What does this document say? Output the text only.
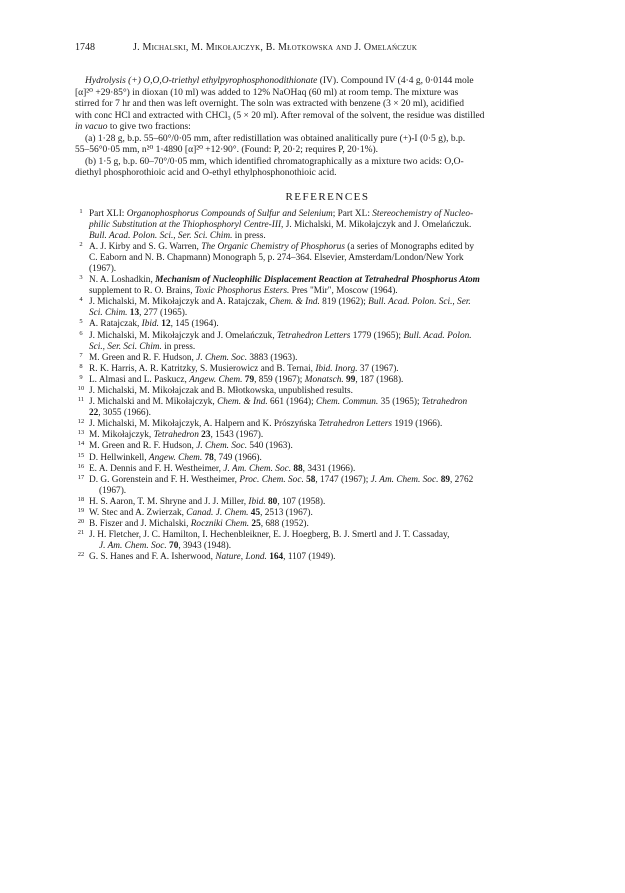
1748	J. Michalski, M. Mikołajczyk, B. Młotkowska and J. Omelańczuk

Hydrolysis (+) O,O,O-triethyl ethylpyrophosphonodithionate (IV). Compound IV (4·4 g, 0·0144 mole

[α]²⁰ +29·85°) in dioxan (10 ml) was added to 12% NaOHaq (60 ml) at room temp. The mixture was

stirred for 7 hr and then was left overnight. The soln was extracted with benzene (3 × 20 ml), acidified

with conc HCl and extracted with CHCl₃ (5 × 20 ml). After removal of the solvent, the residue was distilled

in vacuo to give two fractions:

(a) 1·28 g, b.p. 55–60°/0·05 mm, after redistillation was obtained analitically pure (+)-I (0·5 g), b.p.

55–56°0·05 mm, n²⁰ 1·4890 [α]²⁰ +12·90°. (Found: P, 20·2; requires P, 20·1%).

(b) 1·5 g, b.p. 60–70°/0·05 mm, which identified chromatographically as a mixture two acids: O,O-

diethyl phosphorothioic acid and O-ethyl ethylphosphonothioic acid.

REFERENCES
1 Part XLI: Organophosphorus Compounds of Sulfur and Selenium; Part XL: Stereochemistry of Nucleo-
philic Substitution at the Thiophosphoryl Centre-III, J. Michalski, M. Mikołajczyk and J. Omelańczuk.
Bull. Acad. Polon. Sci., Ser. Sci. Chim. in press.
2 A. J. Kirby and S. G. Warren, The Organic Chemistry of Phosphorus (a series of Monographs edited by
C. Eaborn and N. B. Chapmann) Monograph 5, p. 274–364. Elsevier, Amsterdam/London/New York
(1967).
3 N. A. Loshadkin, Mechanism of Nucleophilic Displacement Reaction at Tetrahedral Phosphorus Atom
supplement to R. O. Brains, Toxic Phosphorus Esters. Pres "Mir", Moscow (1964).
4 J. Michalski, M. Mikołajczyk and A. Ratajczak, Chem. & Ind. 819 (1962); Bull. Acad. Polon. Sci., Ser.
Sci. Chim. 13, 277 (1965).
5 A. Ratajczak, Ibid. 12, 145 (1964).
6 J. Michalski, M. Mikołajczyk and J. Omelańczuk, Tetrahedron Letters 1779 (1965); Bull. Acad. Polon.
Sci., Ser. Sci. Chim. in press.
7 M. Green and R. F. Hudson, J. Chem. Soc. 3883 (1963).
8 R. K. Harris, A. R. Katritzky, S. Musierowicz and B. Ternai, Ibid. Inorg. 37 (1967).
9 L. Almasi and L. Paskucz, Angew. Chem. 79, 859 (1967); Monatsch. 99, 187 (1968).
10 J. Michalski, M. Mikołajczak and B. Młotkowska, unpublished results.
11 J. Michalski and M. Mikołajczyk, Chem. & Ind. 661 (1964); Chem. Commun. 35 (1965); Tetrahedron
22, 3055 (1966).
12 J. Michalski, M. Mikołajczyk, A. Halpern and K. Prószyńska Tetrahedron Letters 1919 (1966).
13 M. Mikołajczyk, Tetrahedron 23, 1543 (1967).
14 M. Green and R. F. Hudson, J. Chem. Soc. 540 (1963).
15 D. Hellwinkell, Angew. Chem. 78, 749 (1966).
16 E. A. Dennis and F. H. Westheimer, J. Am. Chem. Soc. 88, 3431 (1966).
17 D. G. Gorenstein and F. H. Westheimer, Proc. Chem. Soc. 58, 1747 (1967); J. Am. Chem. Soc. 89, 2762
(1967).
18 H. S. Aaron, T. M. Shryne and J. J. Miller, Ibid. 80, 107 (1958).
19 W. Stec and A. Zwierzak, Canad. J. Chem. 45, 2513 (1967).
20 B. Fiszer and J. Michalski, Roczniki Chem. 25, 688 (1952).
21 J. H. Fletcher, J. C. Hamilton, I. Hechenbleikner, E. J. Hoegberg, B. J. Smertl and J. T. Cassaday,
J. Am. Chem. Soc. 70, 3943 (1948).
22 G. S. Hanes and F. A. Isherwood, Nature, Lond. 164, 1107 (1949).
